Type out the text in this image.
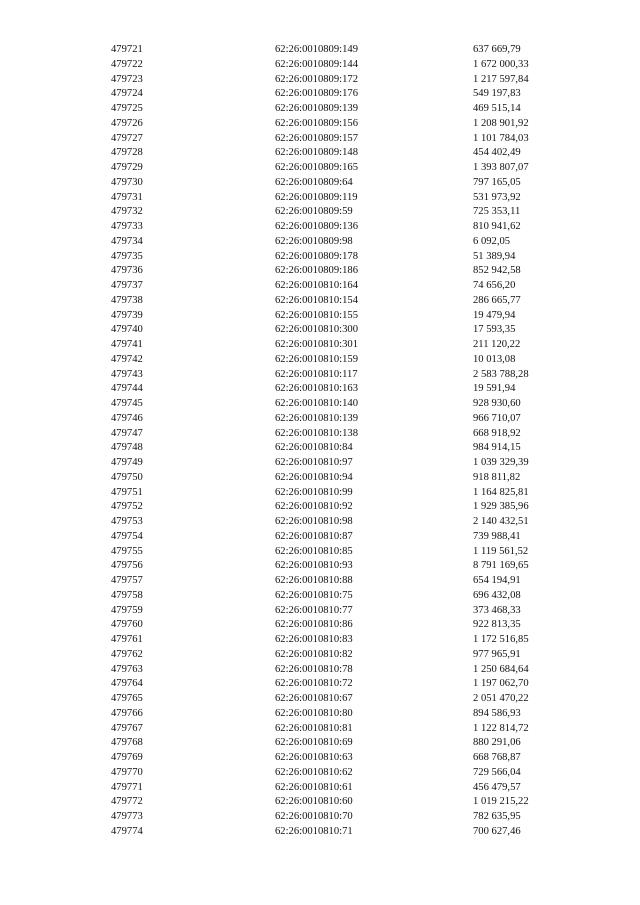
479721	62:26:0010809:149	637 669,79
479722	62:26:0010809:144	1 672 000,33
479723	62:26:0010809:172	1 217 597,84
479724	62:26:0010809:176	549 197,83
479725	62:26:0010809:139	469 515,14
479726	62:26:0010809:156	1 208 901,92
479727	62:26:0010809:157	1 101 784,03
479728	62:26:0010809:148	454 402,49
479729	62:26:0010809:165	1 393 807,07
479730	62:26:0010809:64	797 165,05
479731	62:26:0010809:119	531 973,92
479732	62:26:0010809:59	725 353,11
479733	62:26:0010809:136	810 941,62
479734	62:26:0010809:98	6 092,05
479735	62:26:0010809:178	51 389,94
479736	62:26:0010809:186	852 942,58
479737	62:26:0010810:164	74 656,20
479738	62:26:0010810:154	286 665,77
479739	62:26:0010810:155	19 479,94
479740	62:26:0010810:300	17 593,35
479741	62:26:0010810:301	211 120,22
479742	62:26:0010810:159	10 013,08
479743	62:26:0010810:117	2 583 788,28
479744	62:26:0010810:163	19 591,94
479745	62:26:0010810:140	928 930,60
479746	62:26:0010810:139	966 710,07
479747	62:26:0010810:138	668 918,92
479748	62:26:0010810:84	984 914,15
479749	62:26:0010810:97	1 039 329,39
479750	62:26:0010810:94	918 811,82
479751	62:26:0010810:99	1 164 825,81
479752	62:26:0010810:92	1 929 385,96
479753	62:26:0010810:98	2 140 432,51
479754	62:26:0010810:87	739 988,41
479755	62:26:0010810:85	1 119 561,52
479756	62:26:0010810:93	8 791 169,65
479757	62:26:0010810:88	654 194,91
479758	62:26:0010810:75	696 432,08
479759	62:26:0010810:77	373 468,33
479760	62:26:0010810:86	922 813,35
479761	62:26:0010810:83	1 172 516,85
479762	62:26:0010810:82	977 965,91
479763	62:26:0010810:78	1 250 684,64
479764	62:26:0010810:72	1 197 062,70
479765	62:26:0010810:67	2 051 470,22
479766	62:26:0010810:80	894 586,93
479767	62:26:0010810:81	1 122 814,72
479768	62:26:0010810:69	880 291,06
479769	62:26:0010810:63	668 768,87
479770	62:26:0010810:62	729 566,04
479771	62:26:0010810:61	456 479,57
479772	62:26:0010810:60	1 019 215,22
479773	62:26:0010810:70	782 635,95
479774	62:26:0010810:71	700 627,46
